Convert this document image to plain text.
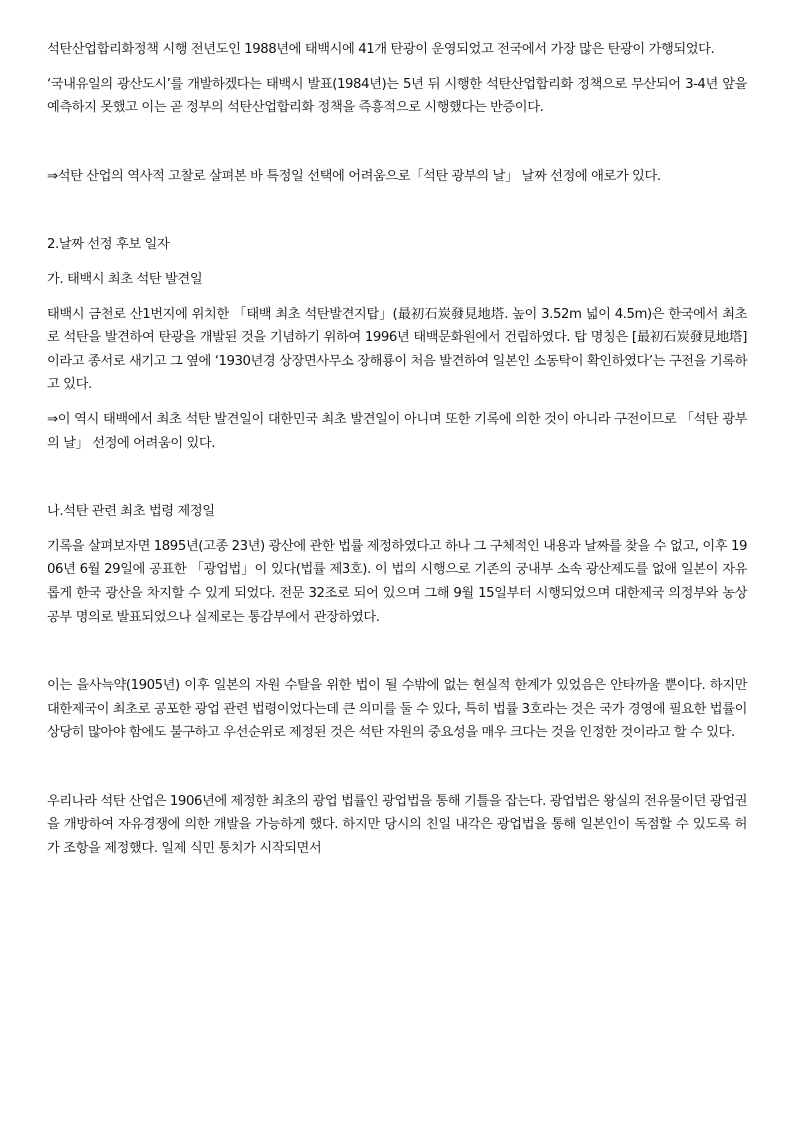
석탄산업합리화정책 시행 전년도인 1988년에 태백시에 41개 탄광이 운영되었고 전국에서 가장 많은 탄광이 가행되었다.

‘국내유일의 광산도시’를 개발하겠다는 태백시 발표(1984년)는 5년 뒤 시행한 석탄산업합리화 정책으로 무산되어 3-4년 앞을 예측하지 못했고 이는 곧 정부의 석탄산업합리화 정책을 즉흥적으로 시행했다는 반증이다.

⇒석탄 산업의 역사적 고찰로 살펴본 바 특정일 선택에 어려움으로「석탄 광부의 날」 날짜 선정에 애로가 있다.

2.날짜 선정 후보 일자

가. 태백시 최초 석탄 발견일

태백시 금천로 산1번지에 위치한 「태백 최초 석탄발견지탑」(最初石炭發見地塔. 높이 3.52m 넓이 4.5m)은 한국에서 최초로 석탄을 발견하여 탄광을 개발된 것을 기념하기 위하여 1996년 태백문화원에서 건립하였다. 탑 명칭은 [最初石炭發見地塔]이라고 종서로 새기고 그 옆에 ‘1930년경 상장면사무소 장해룡이 처음 발견하여 일본인 소동탁이 확인하였다’는 구전을 기록하고 있다.

⇒이 역시 태백에서 최초 석탄 발견일이 대한민국 최초 발견일이 아니며 또한 기록에 의한 것이 아니라 구전이므로 「석탄 광부의 날」 선정에 어려움이 있다.

나.석탄 관련 최초 법령 제정일

기록을 살펴보자면 1895년(고종 23년) 광산에 관한 법률 제정하였다고 하나 그 구체적인 내용과 날짜를 찾을 수 없고, 이후 1906년 6월 29일에 공표한 「광업법」이 있다(법률 제3호). 이 법의 시행으로 기존의 궁내부 소속 광산제도를 없애 일본이 자유롭게 한국 광산을 차지할 수 있게 되었다. 전문 32조로 되어 있으며 그해 9월 15일부터 시행되었으며 대한제국 의정부와 농상공부 명의로 발표되었으나 실제로는 통감부에서 관장하였다.

이는 을사늑약(1905년) 이후 일본의 자원 수탈을 위한 법이 될 수밖에 없는 현실적 한계가 있었음은 안타까울 뿐이다. 하지만 대한제국이 최초로 공포한 광업 관련 법령이었다는데 큰 의미를 둘 수 있다, 특히 법률 3호라는 것은 국가 경영에 필요한 법률이 상당히 많아야 함에도 불구하고 우선순위로 제정된 것은 석탄 자원의 중요성을 매우 크다는 것을 인정한 것이라고 할 수 있다.

우리나라 석탄 산업은 1906년에 제정한 최초의 광업 법률인 광업법을 통해 기틀을 잡는다. 광업법은 왕실의 전유물이던 광업권을 개방하여 자유경쟁에 의한 개발을 가능하게 했다. 하지만 당시의 친일 내각은 광업법을 통해 일본인이 독점할 수 있도록 허가 조항을 제정했다. 일제 식민 통치가 시작되면서
